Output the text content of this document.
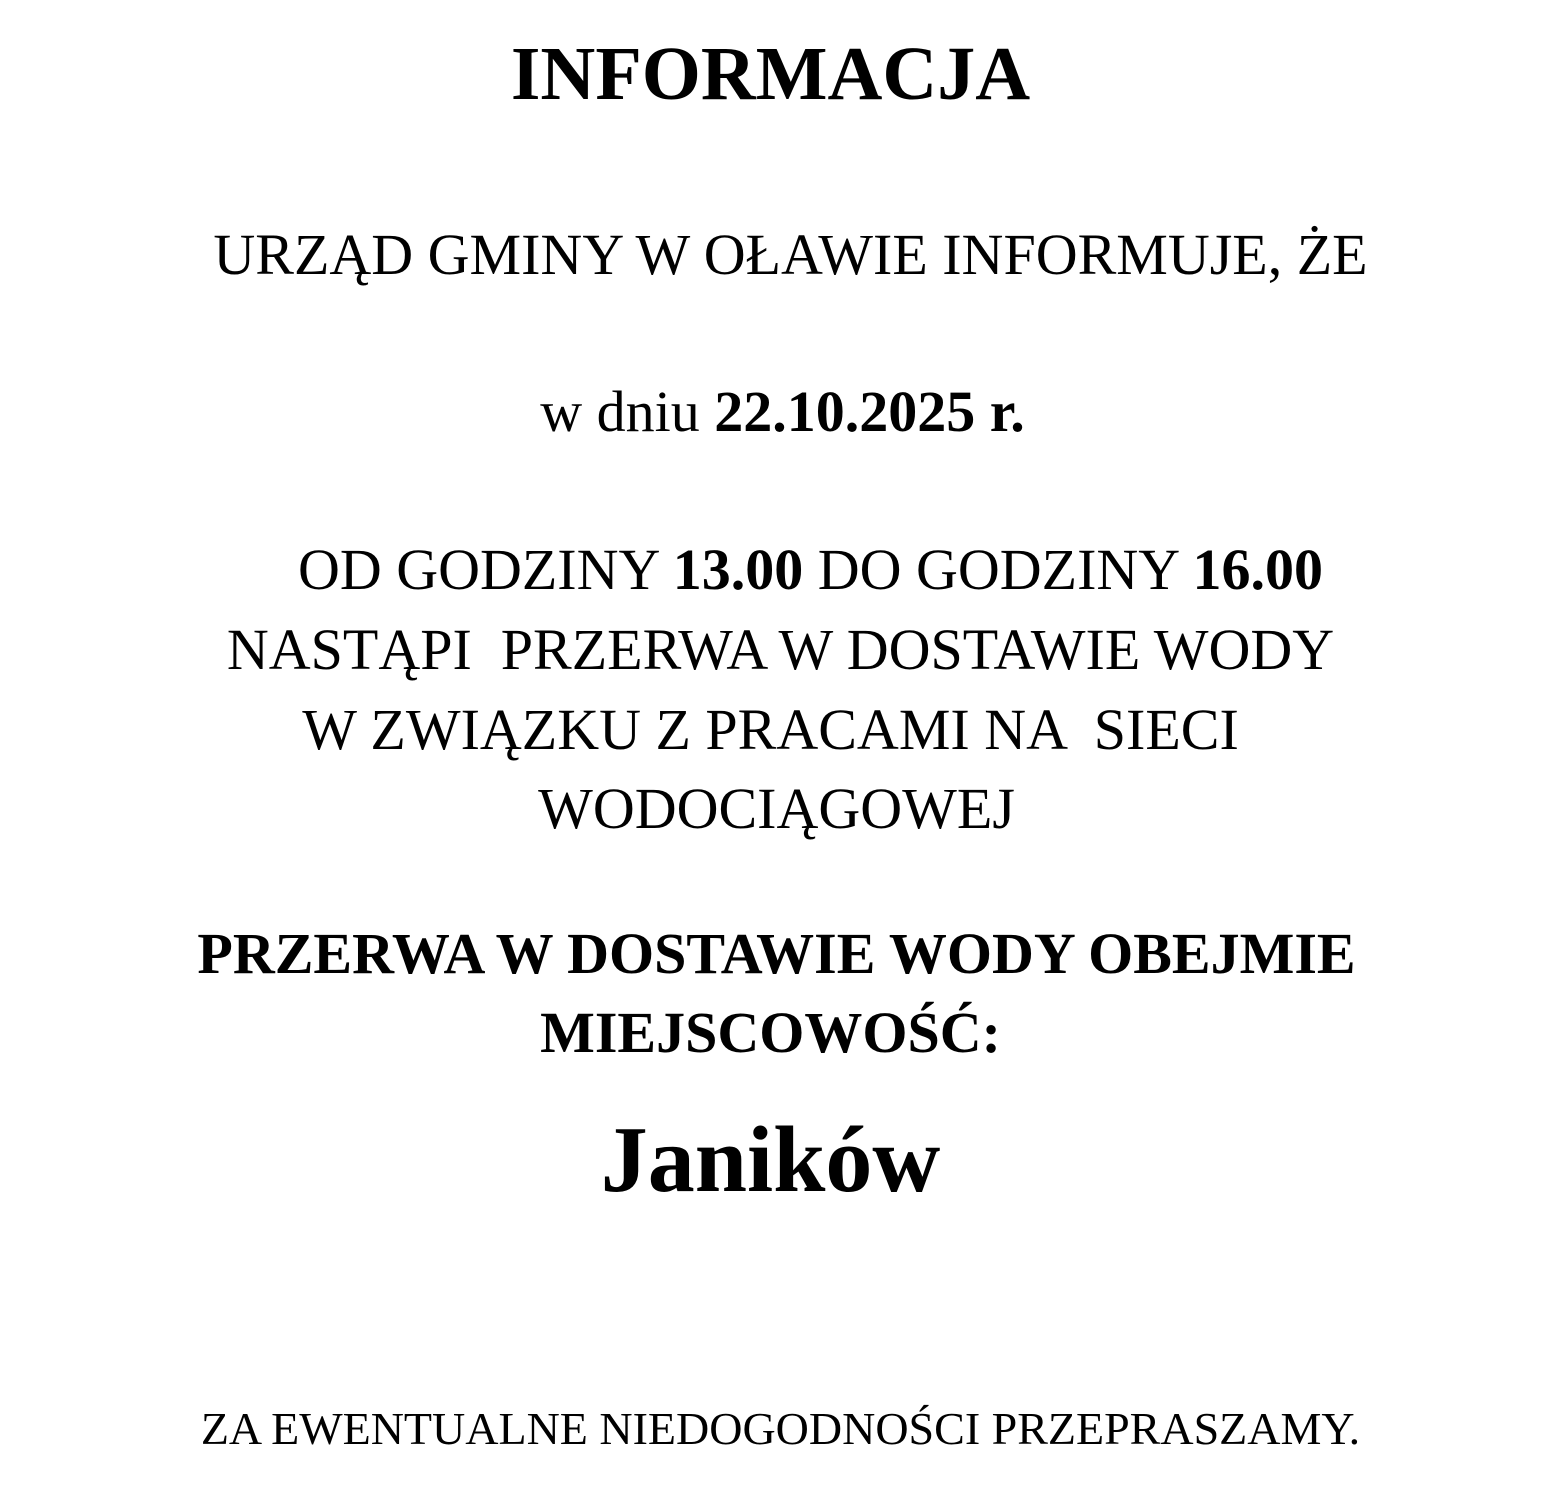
INFORMACJA
URZĄD GMINY W OŁAWIE INFORMUJE, ŻE
w dniu 22.10.2025 r.
OD GODZINY 13.00 DO GODZINY 16.00
NASTĄPI  PRZERWA W DOSTAWIE WODY
W ZWIĄZKU Z PRACAMI NA  SIECI
WODOCIĄGOWEJ
PRZERWA W DOSTAWIE WODY OBEJMIE
MIEJSCOWOŚĆ:
Janików
ZA EWENTUALNE NIEDOGODNOŚCI PRZEPRASZAMY.
